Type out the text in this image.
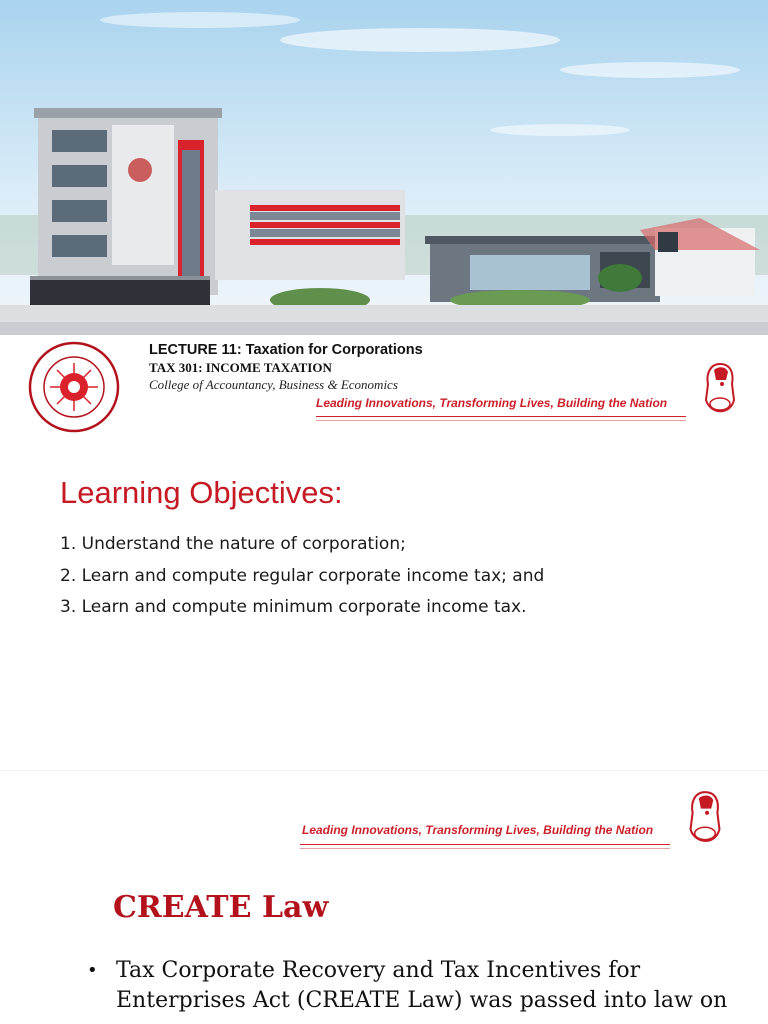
LECTURE 11: Taxation for Corporations
TAX 301: INCOME TAXATION
College of Accountancy, Business & Economics
Leading Innovations, Transforming Lives, Building the Nation
Learning Objectives:
1. Understand the nature of corporation;
2. Learn and compute regular corporate income tax; and
3. Learn and compute minimum corporate income tax.
Leading Innovations, Transforming Lives, Building the Nation
CREATE Law
• Tax Corporate Recovery and Tax Incentives for Enterprises Act (CREATE Law) was passed into law on
